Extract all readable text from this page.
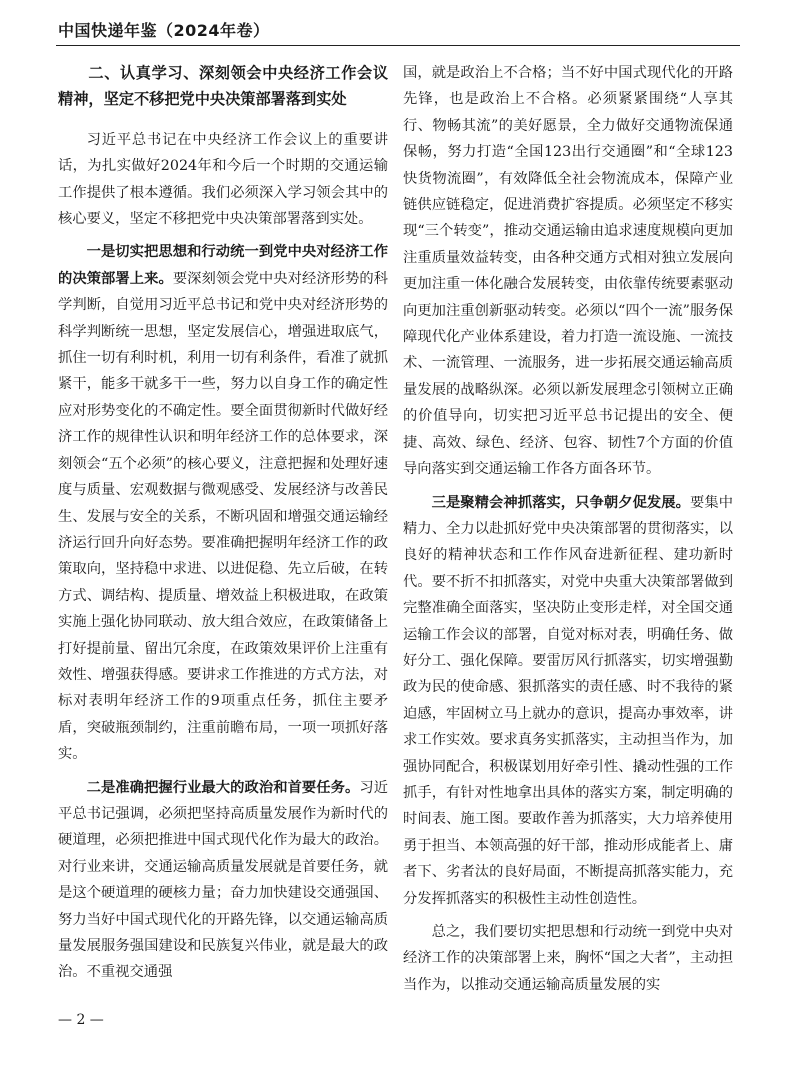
中国快递年鉴（2024年卷）
二、认真学习、深刻领会中央经济工作会议精神，坚定不移把党中央决策部署落到实处

习近平总书记在中央经济工作会议上的重要讲话，为扎实做好2024年和今后一个时期的交通运输工作提供了根本遵循。我们必须深入学习领会其中的核心要义，坚定不移把党中央决策部署落到实处。

一是切实把思想和行动统一到党中央对经济工作的决策部署上来。要深刻领会党中央对经济形势的科学判断，自觉用习近平总书记和党中央对经济形势的科学判断统一思想，坚定发展信心，增强进取底气，抓住一切有利时机，利用一切有利条件，看准了就抓紧干，能多干就多干一些，努力以自身工作的确定性应对形势变化的不确定性。要全面贯彻新时代做好经济工作的规律性认识和明年经济工作的总体要求，深刻领会“五个必须”的核心要义，注意把握和处理好速度与质量、宏观数据与微观感受、发展经济与改善民生、发展与安全的关系，不断巩固和增强交通运输经济运行回升向好态势。要准确把握明年经济工作的政策取向，坚持稳中求进、以进促稳、先立后破，在转方式、调结构、提质量、增效益上积极进取，在政策实施上强化协同联动、放大组合效应，在政策储备上打好提前量、留出冗余度，在政策效果评价上注重有效性、增强获得感。要讲求工作推进的方式方法，对标对表明年经济工作的9项重点任务，抓住主要矛盾，突破瓶颈制约，注重前瞻布局，一项一项抓好落实。

二是准确把握行业最大的政治和首要任务。习近平总书记强调，必须把坚持高质量发展作为新时代的硬道理，必须把推进中国式现代化作为最大的政治。对行业来讲，交通运输高质量发展就是首要任务，就是这个硬道理的硬核力量；奋力加快建设交通强国、努力当好中国式现代化的开路先锋，以交通运输高质量发展服务强国建设和民族复兴伟业，就是最大的政治。不重视交通强

国，就是政治上不合格；当不好中国式现代化的开路先锋，也是政治上不合格。必须紧紧围绕“人享其行、物畅其流”的美好愿景，全力做好交通物流保通保畅，努力打造“全国123出行交通圈”和“全球123快货物流圈”，有效降低全社会物流成本，保障产业链供应链稳定，促进消费扩容提质。必须坚定不移实现“三个转变”，推动交通运输由追求速度规模向更加注重质量效益转变，由各种交通方式相对独立发展向更加注重一体化融合发展转变，由依靠传统要素驱动向更加注重创新驱动转变。必须以“四个一流”服务保障现代化产业体系建设，着力打造一流设施、一流技术、一流管理、一流服务，进一步拓展交通运输高质量发展的战略纵深。必须以新发展理念引领树立正确的价值导向，切实把习近平总书记提出的安全、便捷、高效、绿色、经济、包容、韧性7个方面的价值导向落实到交通运输工作各方面各环节。

三是聚精会神抓落实，只争朝夕促发展。要集中精力、全力以赴抓好党中央决策部署的贯彻落实，以良好的精神状态和工作作风奋进新征程、建功新时代。要不折不扣抓落实，对党中央重大决策部署做到完整准确全面落实，坚决防止变形走样，对全国交通运输工作会议的部署，自觉对标对表，明确任务、做好分工、强化保障。要雷厉风行抓落实，切实增强勤政为民的使命感、狠抓落实的责任感、时不我待的紧迫感，牢固树立马上就办的意识，提高办事效率，讲求工作实效。要求真务实抓落实，主动担当作为，加强协同配合，积极谋划用好牵引性、撬动性强的工作抓手，有针对性地拿出具体的落实方案，制定明确的时间表、施工图。要敢作善为抓落实，大力培养使用勇于担当、本领高强的好干部，推动形成能者上、庸者下、劣者汰的良好局面，不断提高抓落实能力，充分发挥抓落实的积极性主动性创造性。

总之，我们要切实把思想和行动统一到党中央对经济工作的决策部署上来，胸怀“国之大者”，主动担当作为，以推动交通运输高质量发展的实

— 2 —
